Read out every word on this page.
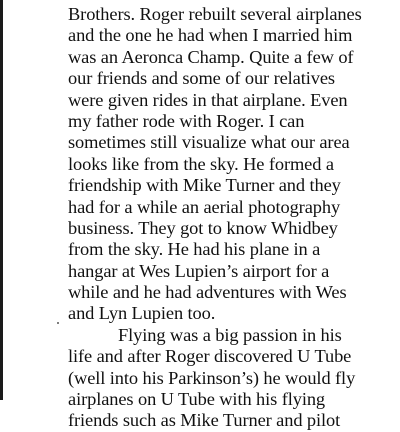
Brothers. Roger rebuilt several airplanes
and the one he had when I married him
was an Aeronca Champ. Quite a few of
our friends and some of our relatives
were given rides in that airplane. Even
my father rode with Roger. I can
sometimes still visualize what our area
looks like from the sky. He formed a
friendship with Mike Turner and they
had for a while an aerial photography
business. They got to know Whidbey
from the sky. He had his plane in a
hangar at Wes Lupien’s airport for a
while and he had adventures with Wes
and Lyn Lupien too.
Flying was a big passion in his
life and after Roger discovered U Tube
(well into his Parkinson’s) he would fly
airplanes on U Tube with his flying
friends such as Mike Turner and pilot
